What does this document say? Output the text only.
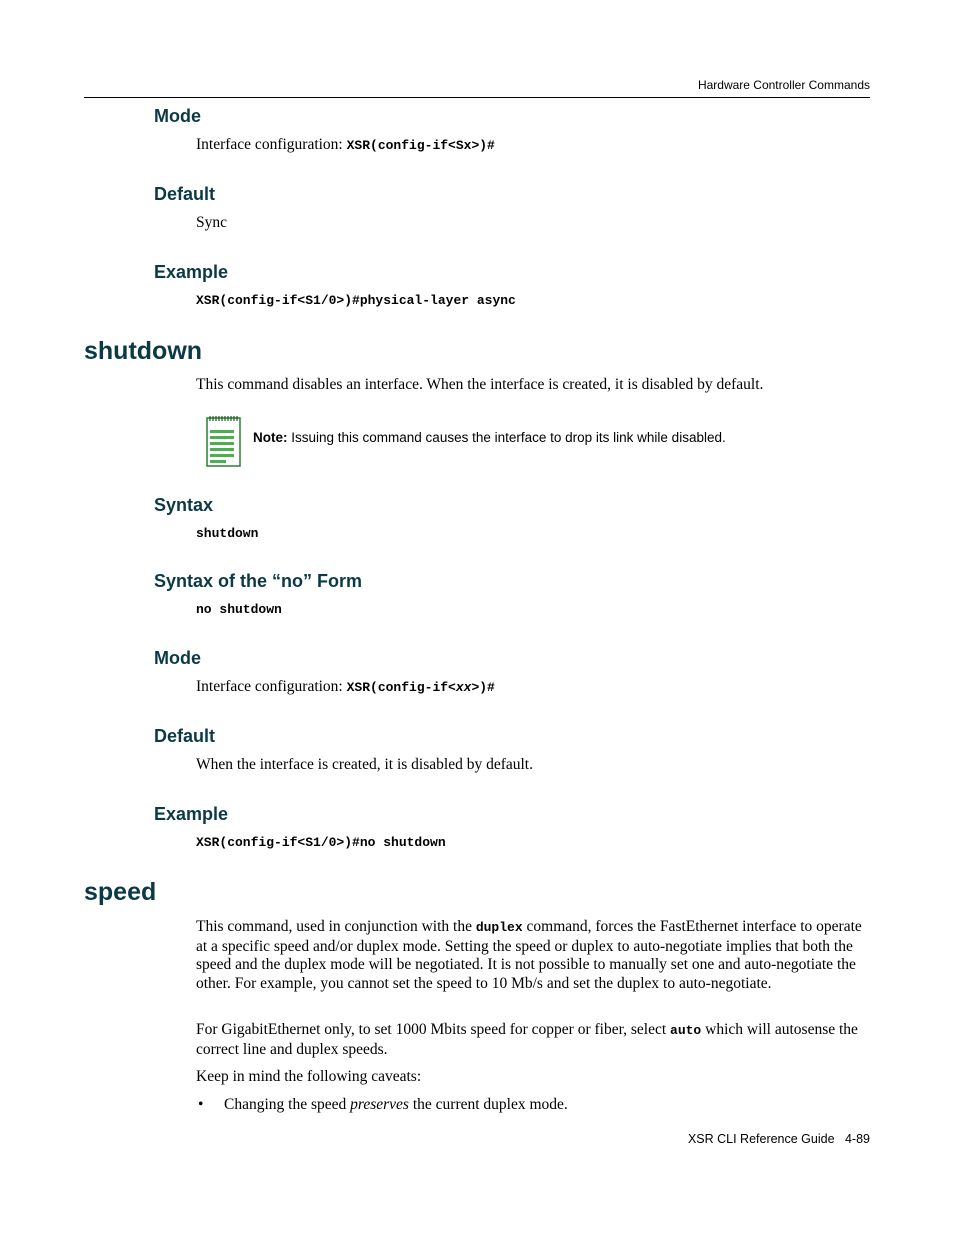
Hardware Controller Commands
Mode
Interface configuration: XSR(config-if<Sx>)#
Default
Sync
Example
XSR(config-if<S1/0>)#physical-layer async
shutdown
This command disables an interface. When the interface is created, it is disabled by default.
Note: Issuing this command causes the interface to drop its link while disabled.
Syntax
shutdown
Syntax of the “no” Form
no shutdown
Mode
Interface configuration: XSR(config-if<xx>)#
Default
When the interface is created, it is disabled by default.
Example
XSR(config-if<S1/0>)#no shutdown
speed
This command, used in conjunction with the duplex command, forces the FastEthernet interface to operate at a specific speed and/or duplex mode. Setting the speed or duplex to auto-negotiate implies that both the speed and the duplex mode will be negotiated. It is not possible to manually set one and auto-negotiate the other. For example, you cannot set the speed to 10 Mb/s and set the duplex to auto-negotiate.
For GigabitEthernet only, to set 1000 Mbits speed for copper or fiber, select auto which will autosense the correct line and duplex speeds.
Keep in mind the following caveats:
• Changing the speed preserves the current duplex mode.
XSR CLI Reference Guide 4-89
